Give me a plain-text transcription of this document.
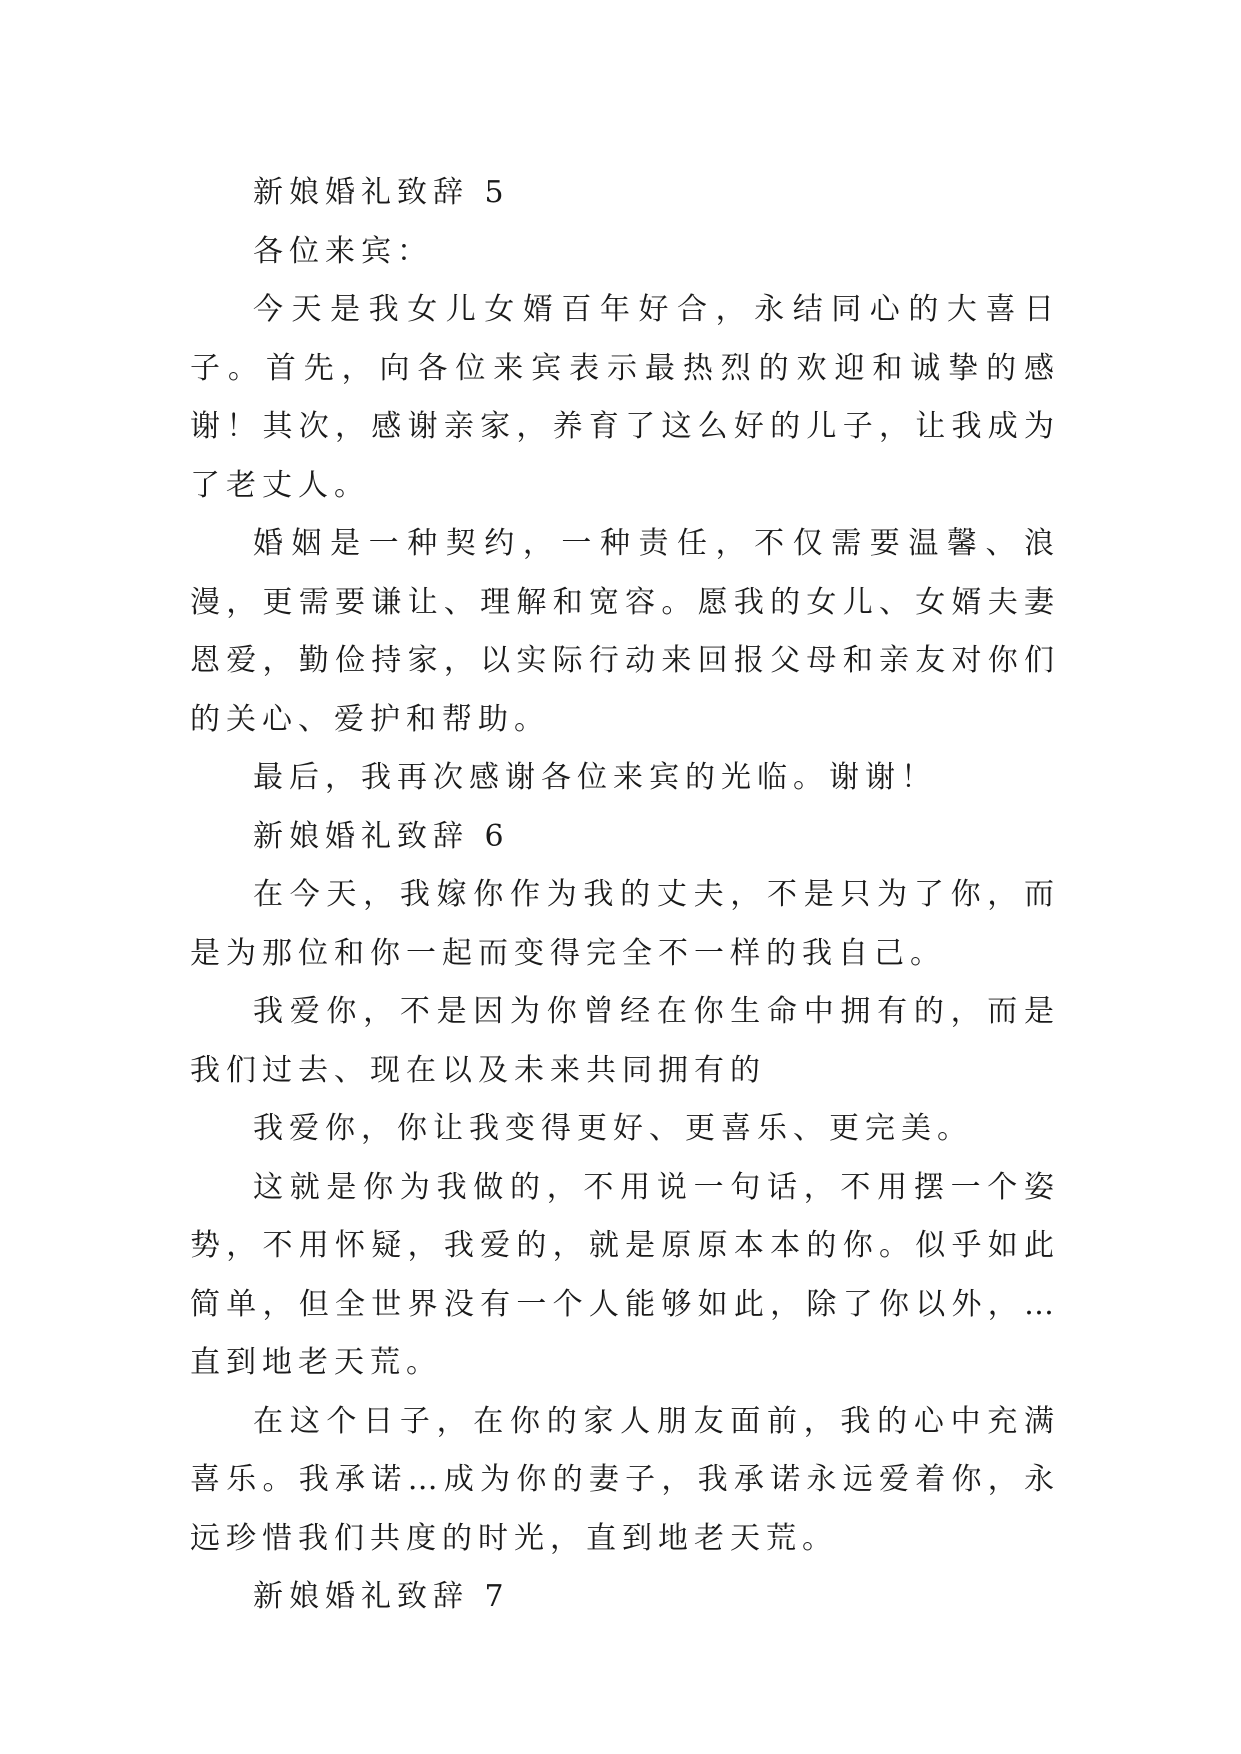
新娘婚礼致辞 5

各位来宾：

今天是我女儿女婿百年好合，永结同心的大喜日子。首先，向各位来宾表示最热烈的欢迎和诚挚的感谢！其次，感谢亲家，养育了这么好的儿子，让我成为了老丈人。

婚姻是一种契约，一种责任，不仅需要温馨、浪漫，更需要谦让、理解和宽容。愿我的女儿、女婿夫妻恩爱，勤俭持家，以实际行动来回报父母和亲友对你们的关心、爱护和帮助。

最后，我再次感谢各位来宾的光临。谢谢！

新娘婚礼致辞 6

在今天，我嫁你作为我的丈夫，不是只为了你，而是为那位和你一起而变得完全不一样的我自己。

我爱你，不是因为你曾经在你生命中拥有的，而是我们过去、现在以及未来共同拥有的

我爱你，你让我变得更好、更喜乐、更完美。

这就是你为我做的，不用说一句话，不用摆一个姿势，不用怀疑，我爱的，就是原原本本的你。似乎如此简单，但全世界没有一个人能够如此，除了你以外，…直到地老天荒。

在这个日子，在你的家人朋友面前，我的心中充满喜乐。我承诺…成为你的妻子，我承诺永远爱着你，永远珍惜我们共度的时光，直到地老天荒。

新娘婚礼致辞 7
